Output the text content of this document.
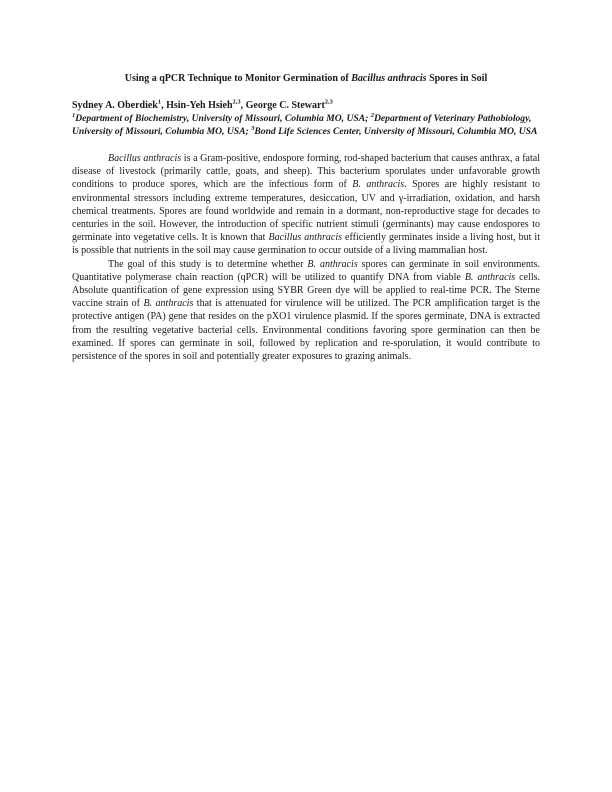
Using a qPCR Technique to Monitor Germination of Bacillus anthracis Spores in Soil

Sydney A. Oberdiek$^1$, Hsin-Yeh Hsieh$^{2,3}$, George C. Stewart$^{2,3}$

$^1$Department of Biochemistry, University of Missouri, Columbia MO, USA; $^2$Department of Veterinary Pathobiology, University of Missouri, Columbia MO, USA; $^3$Bond Life Sciences Center, University of Missouri, Columbia MO, USA

Bacillus anthracis is a Gram-positive, endospore forming, rod-shaped bacterium that causes anthrax, a fatal disease of livestock (primarily cattle, goats, and sheep). This bacterium sporulates under unfavorable growth conditions to produce spores, which are the infectious form of B. anthracis. Spores are highly resistant to environmental stressors including extreme temperatures, desiccation, UV and γ-irradiation, oxidation, and harsh chemical treatments. Spores are found worldwide and remain in a dormant, non-reproductive stage for decades to centuries in the soil. However, the introduction of specific nutrient stimuli (germinants) may cause endospores to germinate into vegetative cells. It is known that Bacillus anthracis efficiently germinates inside a living host, but it is possible that nutrients in the soil may cause germination to occur outside of a living mammalian host.

The goal of this study is to determine whether B. anthracis spores can germinate in soil environments. Quantitative polymerase chain reaction (qPCR) will be utilized to quantify DNA from viable B. anthracis cells. Absolute quantification of gene expression using SYBR Green dye will be applied to real-time PCR. The Sterne vaccine strain of B. anthracis that is attenuated for virulence will be utilized. The PCR amplification target is the protective antigen (PA) gene that resides on the pXO1 virulence plasmid. If the spores germinate, DNA is extracted from the resulting vegetative bacterial cells. Environmental conditions favoring spore germination can then be examined. If spores can germinate in soil, followed by replication and re-sporulation, it would contribute to persistence of the spores in soil and potentially greater exposures to grazing animals.
